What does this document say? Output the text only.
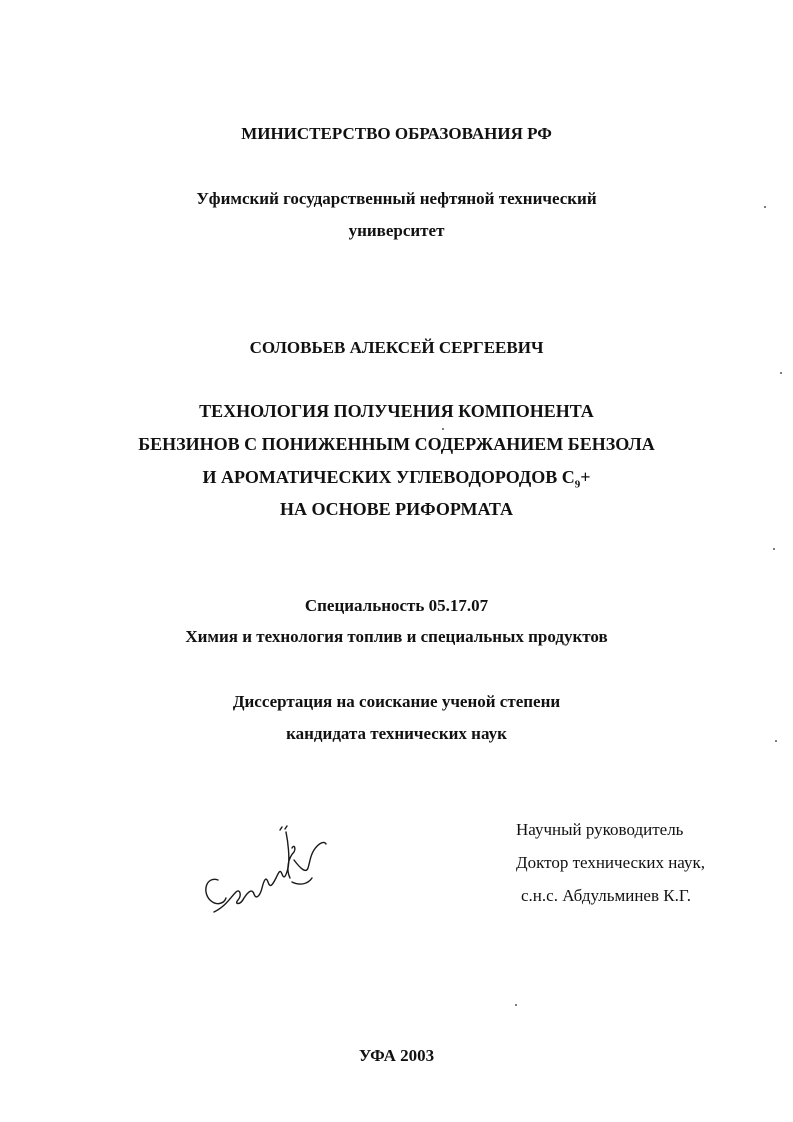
МИНИСТЕРСТВО ОБРАЗОВАНИЯ РФ
Уфимский государственный нефтяной технический
университет
СОЛОВЬЕВ АЛЕКСЕЙ СЕРГЕЕВИЧ
ТЕХНОЛОГИЯ ПОЛУЧЕНИЯ КОМПОНЕНТА
БЕНЗИНОВ С ПОНИЖЕННЫМ СОДЕРЖАНИЕМ БЕНЗОЛА
И АРОМАТИЧЕСКИХ УГЛЕВОДОРОДОВ $С_9+$
НА ОСНОВЕ РИФОРМАТА
Специальность 05.17.07
Химия и технология топлив и специальных продуктов
Диссертация на соискание ученой степени
кандидата технических наук
Научный руководитель
Доктор технических наук,
с.н.с. Абдульминев К.Г.
УФА 2003
